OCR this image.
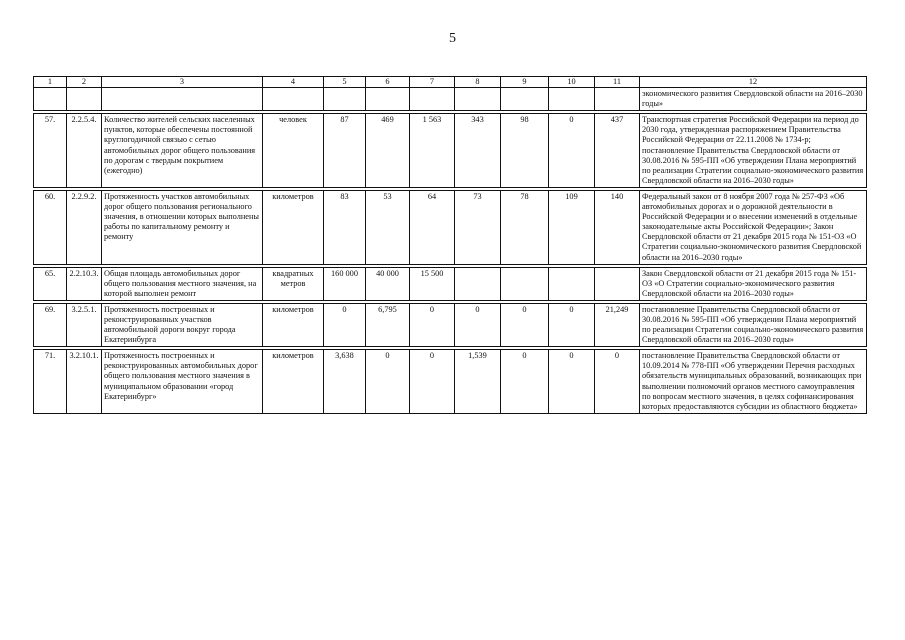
5
1	2	3	4	5	6	7	8	9	10	11	12
											экономического развития Свердловской области на 2016–2030 годы»

57.	2.2.5.4.	Количество жителей сельских населенных пунктов, которые обеспечены постоянной круглогодичной связью с сетью автомобильных дорог общего пользования по дорогам с твердым покрытием (ежегодно)	человек	87	469	1 563	343	98	0	437	Транспортная стратегия Российской Федерации на период до 2030 года, утвержденная распоряжением Правительства Российской Федерации от 22.11.2008 № 1734-р; постановление Правительства Свердловской области от 30.08.2016 № 595-ПП «Об утверждении Плана мероприятий по реализации Стратегии социально-экономического развития Свердловской области на 2016–2030 годы»

60.	2.2.9.2.	Протяженность участков автомобильных дорог общего пользования регионального значения, в отношении которых выполнены работы по капитальному ремонту и ремонту	километров	83	53	64	73	78	109	140	Федеральный закон от 8 ноября 2007 года № 257-ФЗ «Об автомобильных дорогах и о дорожной деятельности в Российской Федерации и о внесении изменений в отдельные законодательные акты Российской Федерации»; Закон Свердловской области от 21 декабря 2015 года № 151-ОЗ «О Стратегии социально-экономического развития Свердловской области на 2016–2030 годы»

65.	2.2.10.3.	Общая площадь автомобильных дорог общего пользования местного значения, на которой выполнен ремонт	квадратных метров	160 000	40 000	15 500					Закон Свердловской области от 21 декабря 2015 года № 151-ОЗ «О Стратегии социально-экономического развития Свердловской области на 2016–2030 годы»

69.	3.2.5.1.	Протяженность построенных и реконструированных участков автомобильной дороги вокруг города Екатеринбурга	километров	0	6,795	0	0	0	0	21,249	постановление Правительства Свердловской области от 30.08.2016 № 595-ПП «Об утверждении Плана мероприятий по реализации Стратегии социально-экономического развития Свердловской области на 2016–2030 годы»

71.	3.2.10.1.	Протяженность построенных и реконструированных автомобильных дорог общего пользования местного значения в муниципальном образовании «город Екатеринбург»	километров	3,638	0	0	1,539	0	0	0	постановление Правительства Свердловской области от 10.09.2014 № 778-ПП «Об утверждении Перечня расходных обязательств муниципальных образований, возникающих при выполнении полномочий органов местного самоуправления по вопросам местного значения, в целях софинансирования которых предоставляются субсидии из областного бюджета»
